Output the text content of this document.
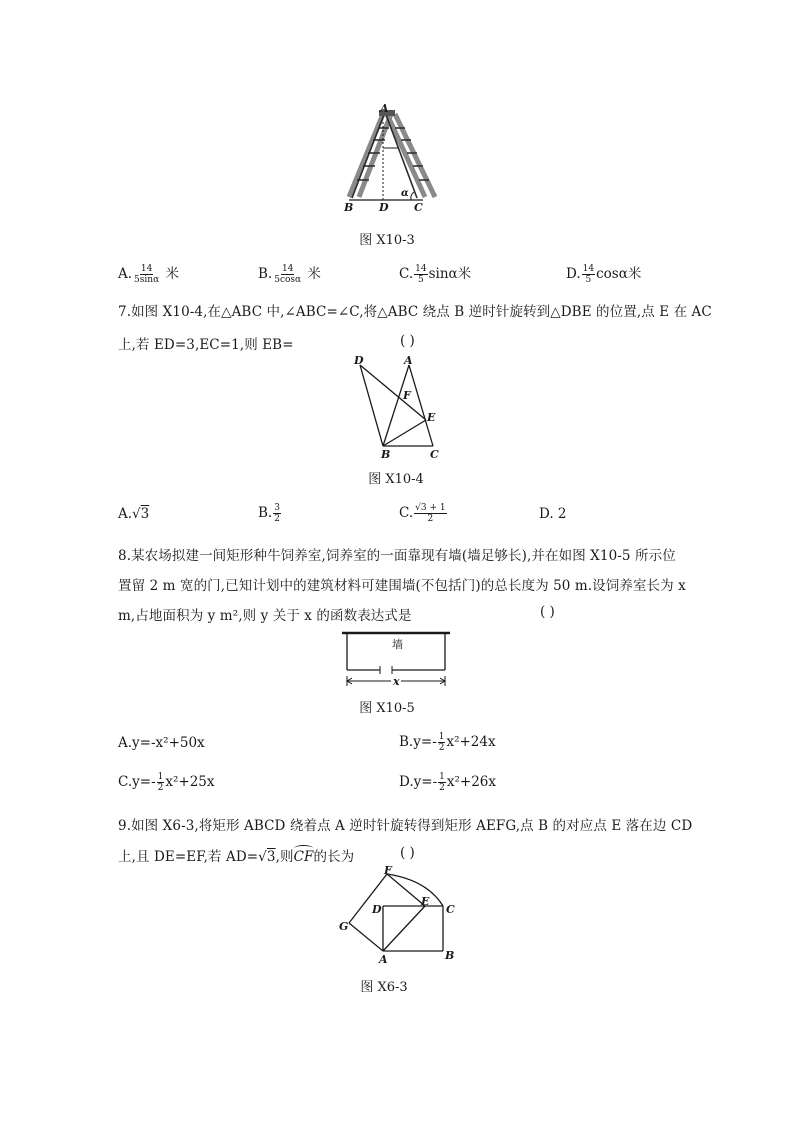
A
B D C
α
图 X10-3
A. $\frac{14}{5\sin\alpha}$ 米	B. $\frac{14}{5\cos\alpha}$ 米	C. $\frac{14}{5}$ sinα米	D. $\frac{14}{5}$ cosα米
7.如图 X10-4,在△ABC 中,∠ABC=∠C,将△ABC 绕点 B 逆时针旋转到△DBE 的位置,点 E 在 AC
上,若 ED=3,EC=1,则 EB=	( )
D	A
F
E
B	C
图 X10-4
A.√3	B. $\frac{3}{2}$	C. $\frac{√3 + 1}{2}$	D. 2
8.某农场拟建一间矩形种牛饲养室,饲养室的一面靠现有墙(墙足够长),并在如图 X10-5 所示位
置留 2 m 宽的门,已知计划中的建筑材料可建围墙(不包括门)的总长度为 50 m.设饲养室长为 x
m,占地面积为 y m²,则 y 关于 x 的函数表达式是	( )
墙
x
图 X10-5
A.y=-x²+50x	$B.y=- \frac{1}{2} x^2+24x$
$C.y=- \frac{1}{2} x^2+25x$	$D.y=- \frac{1}{2} x^2+26x$
9.如图 X6-3,将矩形 ABCD 绕着点 A 逆时针旋转得到矩形 AEFG,点 B 的对应点 E 落在边 CD
上,且 DE=EF,若 AD=√3,则CF的长为	( )
F
D
E
C
G
A	B
图 X6-3
